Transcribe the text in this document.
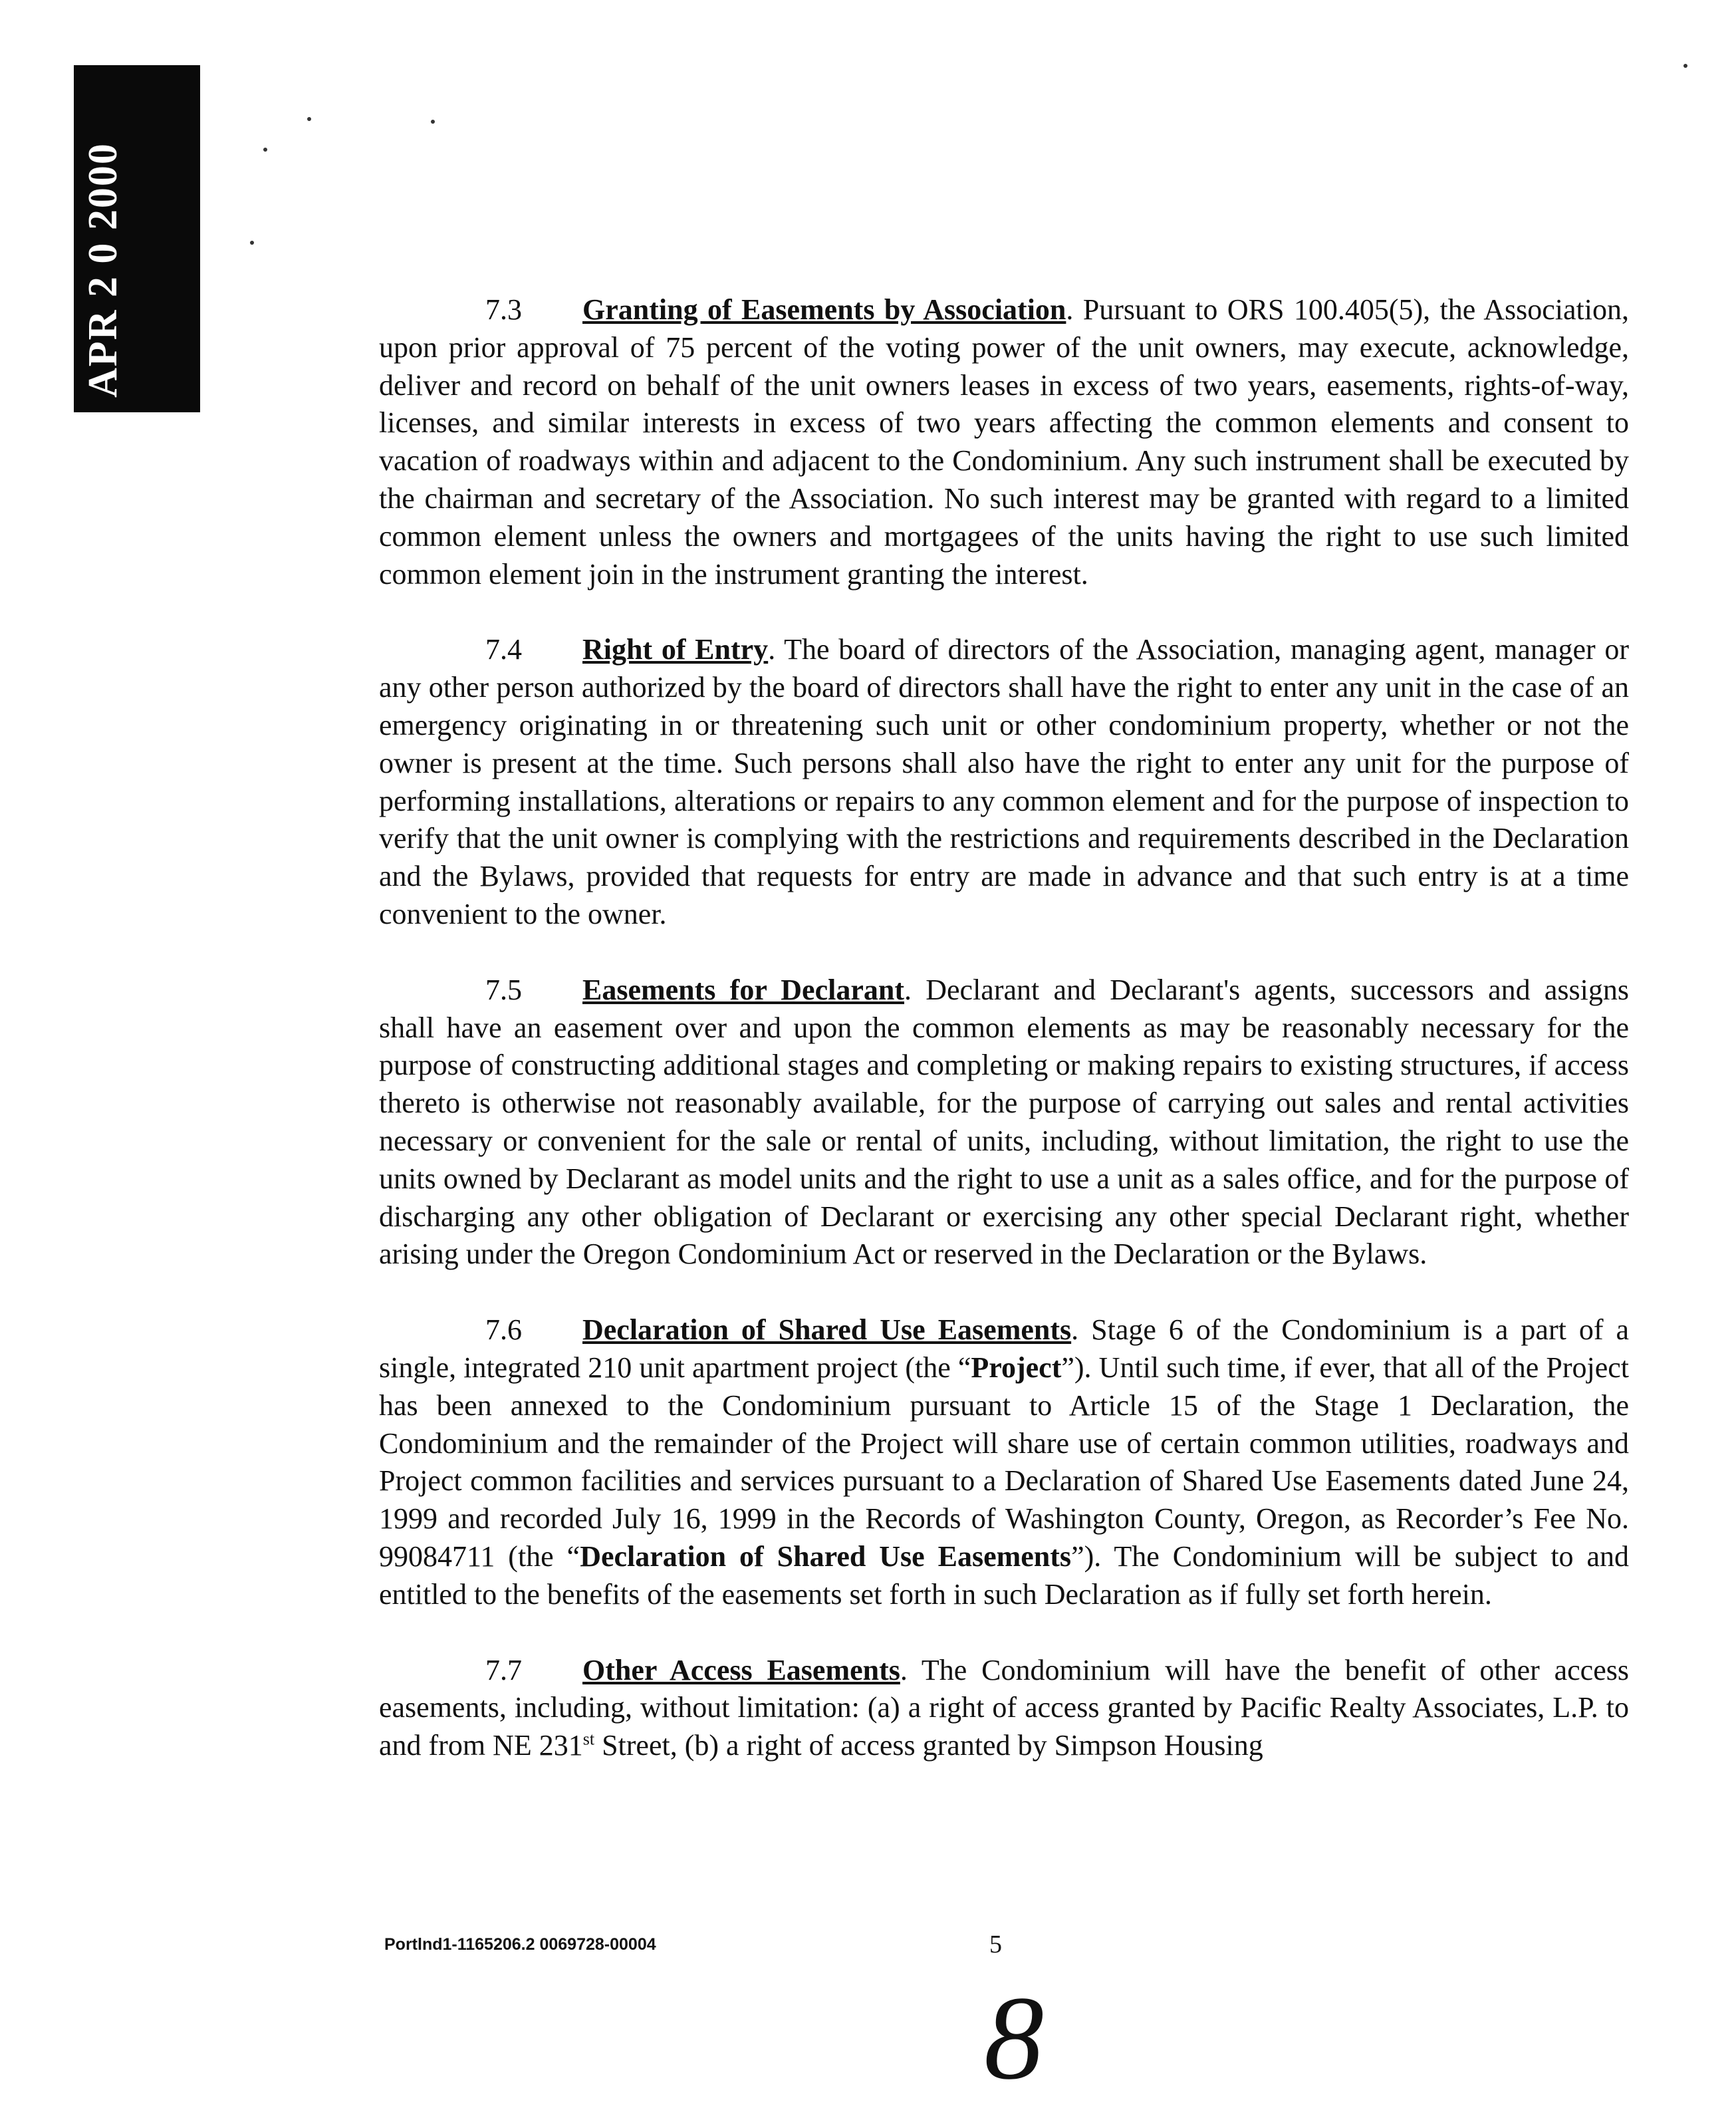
APR 2 0 2000	7.3 Granting of Easements by Association. Pursuant to ORS 100.405(5), the Association, upon prior approval of 75 percent of the voting power of the unit owners, may execute, acknowledge, deliver and record on behalf of the unit owners leases in excess of two years, easements, rights-of-way, licenses, and similar interests in excess of two years affecting the common elements and consent to vacation of roadways within and adjacent to the Condominium. Any such instrument shall be executed by the chairman and secretary of the Association. No such interest may be granted with regard to a limited common element unless the owners and mortgagees of the units having the right to use such limited common element join in the instrument granting the interest.

7.4 Right of Entry. The board of directors of the Association, managing agent, manager or any other person authorized by the board of directors shall have the right to enter any unit in the case of an emergency originating in or threatening such unit or other condominium property, whether or not the owner is present at the time. Such persons shall also have the right to enter any unit for the purpose of performing installations, alterations or repairs to any common element and for the purpose of inspection to verify that the unit owner is complying with the restrictions and requirements described in the Declaration and the Bylaws, provided that requests for entry are made in advance and that such entry is at a time convenient to the owner.

7.5 Easements for Declarant. Declarant and Declarant's agents, successors and assigns shall have an easement over and upon the common elements as may be reasonably necessary for the purpose of constructing additional stages and completing or making repairs to existing structures, if access thereto is otherwise not reasonably available, for the purpose of carrying out sales and rental activities necessary or convenient for the sale or rental of units, including, without limitation, the right to use the units owned by Declarant as model units and the right to use a unit as a sales office, and for the purpose of discharging any other obligation of Declarant or exercising any other special Declarant right, whether arising under the Oregon Condominium Act or reserved in the Declaration or the Bylaws.

7.6 Declaration of Shared Use Easements. Stage 6 of the Condominium is a part of a single, integrated 210 unit apartment project (the “Project”). Until such time, if ever, that all of the Project has been annexed to the Condominium pursuant to Article 15 of the Stage 1 Declaration, the Condominium and the remainder of the Project will share use of certain common utilities, roadways and Project common facilities and services pursuant to a Declaration of Shared Use Easements dated June 24, 1999 and recorded July 16, 1999 in the Records of Washington County, Oregon, as Recorder’s Fee No. 99084711 (the “Declaration of Shared Use Easements”). The Condominium will be subject to and entitled to the benefits of the easements set forth in such Declaration as if fully set forth herein.

7.7 Other Access Easements. The Condominium will have the benefit of other access easements, including, without limitation: (a) a right of access granted by Pacific Realty Associates, L.P. to and from NE 231st Street, (b) a right of access granted by Simpson Housing

Portlnd1-1165206.2 0069728-00004	5
8
